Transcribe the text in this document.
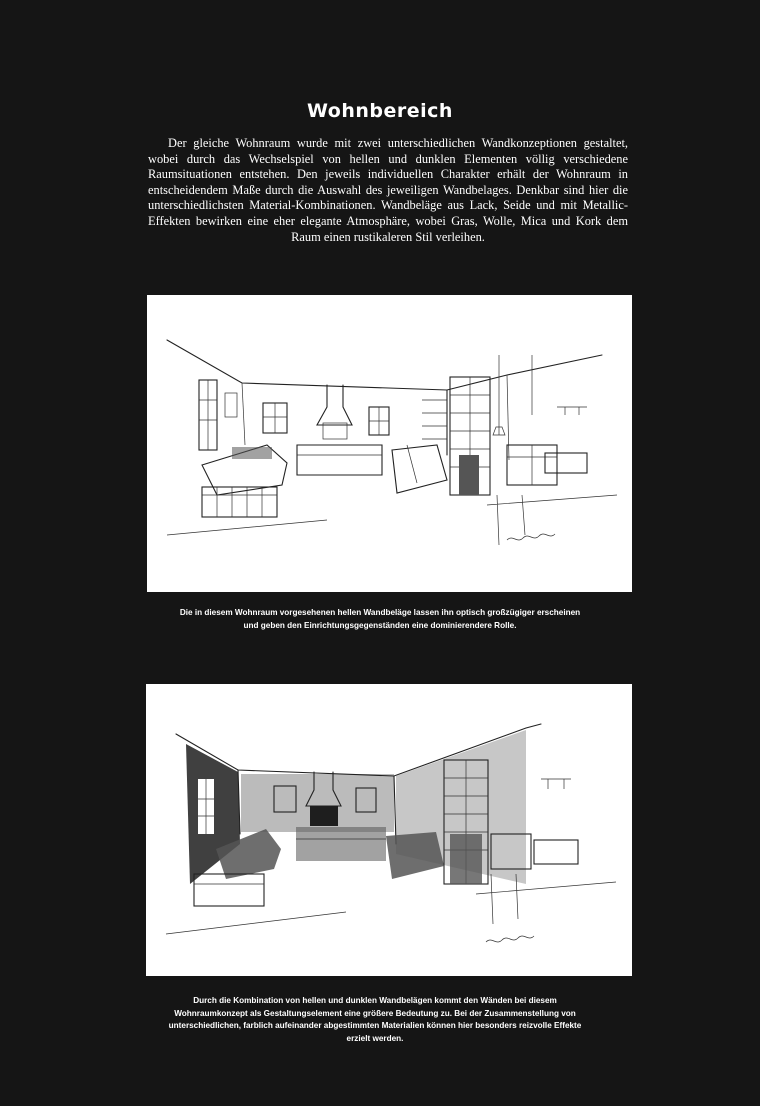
Wohnbereich
Der gleiche Wohnraum wurde mit zwei unterschiedlichen Wandkonzeptionen gestaltet, wobei durch das Wechselspiel von hellen und dunklen Elementen völlig verschiedene Raumsituationen entstehen. Den jeweils individuellen Charakter erhält der Wohnraum in entscheidendem Maße durch die Auswahl des jeweiligen Wandbelages. Denkbar sind hier die unterschiedlichsten Material-Kombinationen. Wandbeläge aus Lack, Seide und mit Metallic-Effekten bewirken eine eher elegante Atmosphäre, wobei Gras, Wolle, Mica und Kork dem Raum einen rustikaleren Stil verleihen.
Die in diesem Wohnraum vorgesehenen hellen Wandbeläge lassen ihn optisch großzügiger erscheinen und geben den Einrichtungsgegenständen eine dominierendere Rolle.
Durch die Kombination von hellen und dunklen Wandbelägen kommt den Wänden bei diesem Wohnraumkonzept als Gestaltungselement eine größere Bedeutung zu. Bei der Zusammenstellung von unterschiedlichen, farblich aufeinander abgestimmten Materialien können hier besonders reizvolle Effekte erzielt werden.
